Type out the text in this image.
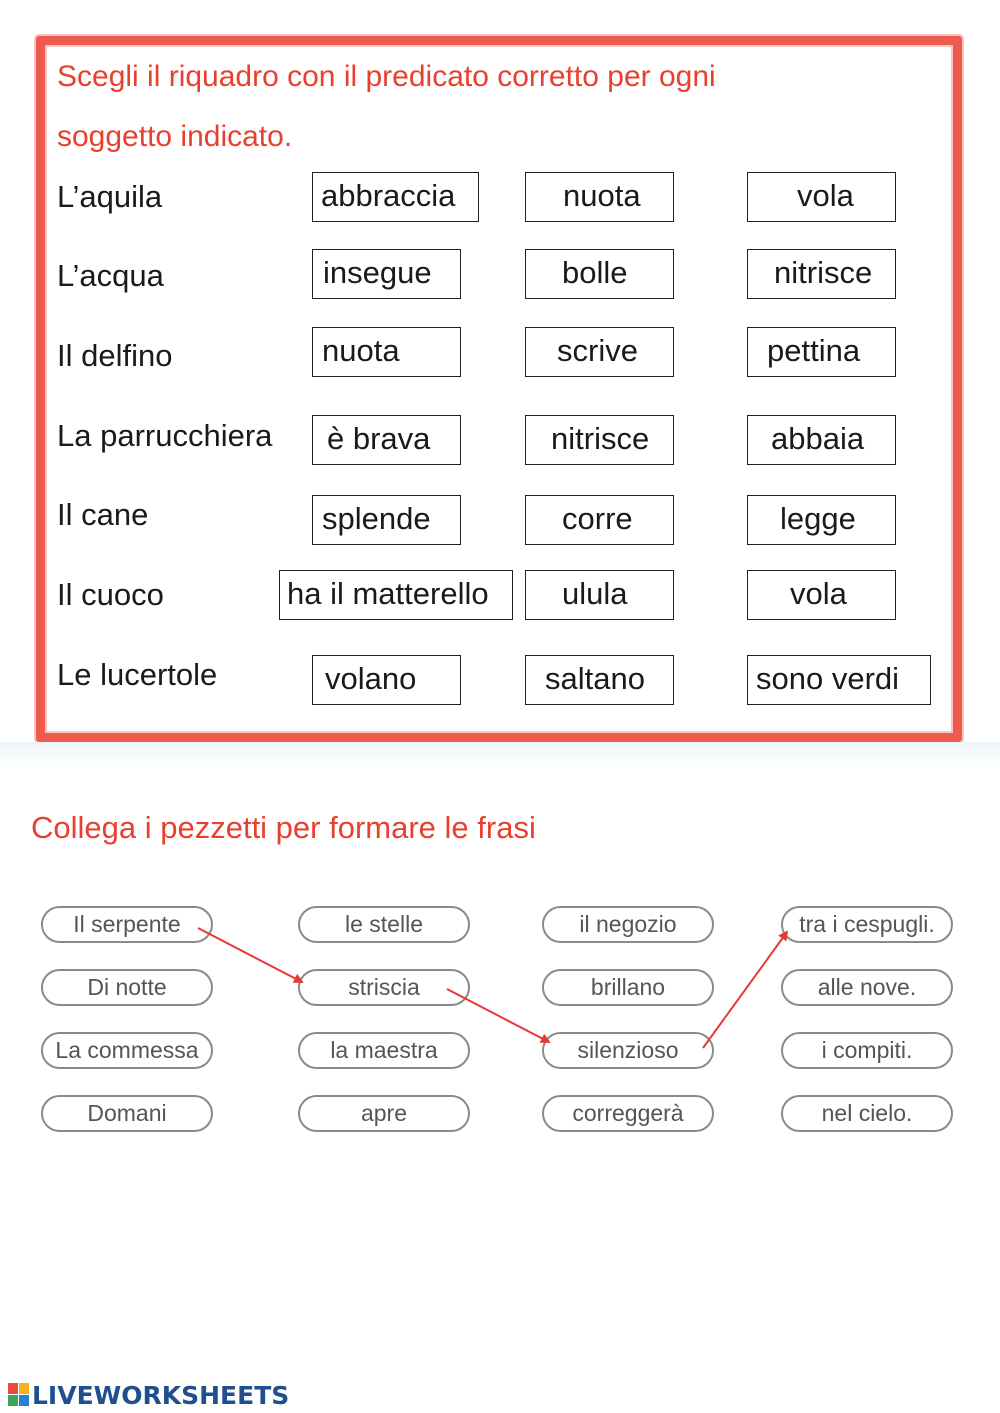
Scegli il riquadro con il predicato corretto per ogni
soggetto indicato.
L’aquila	abbraccia	nuota	vola
L’acqua	insegue	bolle	nitrisce
Il delfino	nuota	scrive	pettina
La parrucchiera	è brava	nitrisce	abbaia
Il cane	splende	corre	legge
Il cuoco	ha il matterello	ulula	vola
Le lucertole	volano	saltano	sono verdi
Collega i pezzetti per formare le frasi
Il serpente
Di notte
La commessa
Domani
le stelle
striscia
la maestra
apre
il negozio
brillano
silenzioso
correggerà
tra i cespugli.
alle nove.
i compiti.
nel cielo.
LIVEWORKSHEETS
